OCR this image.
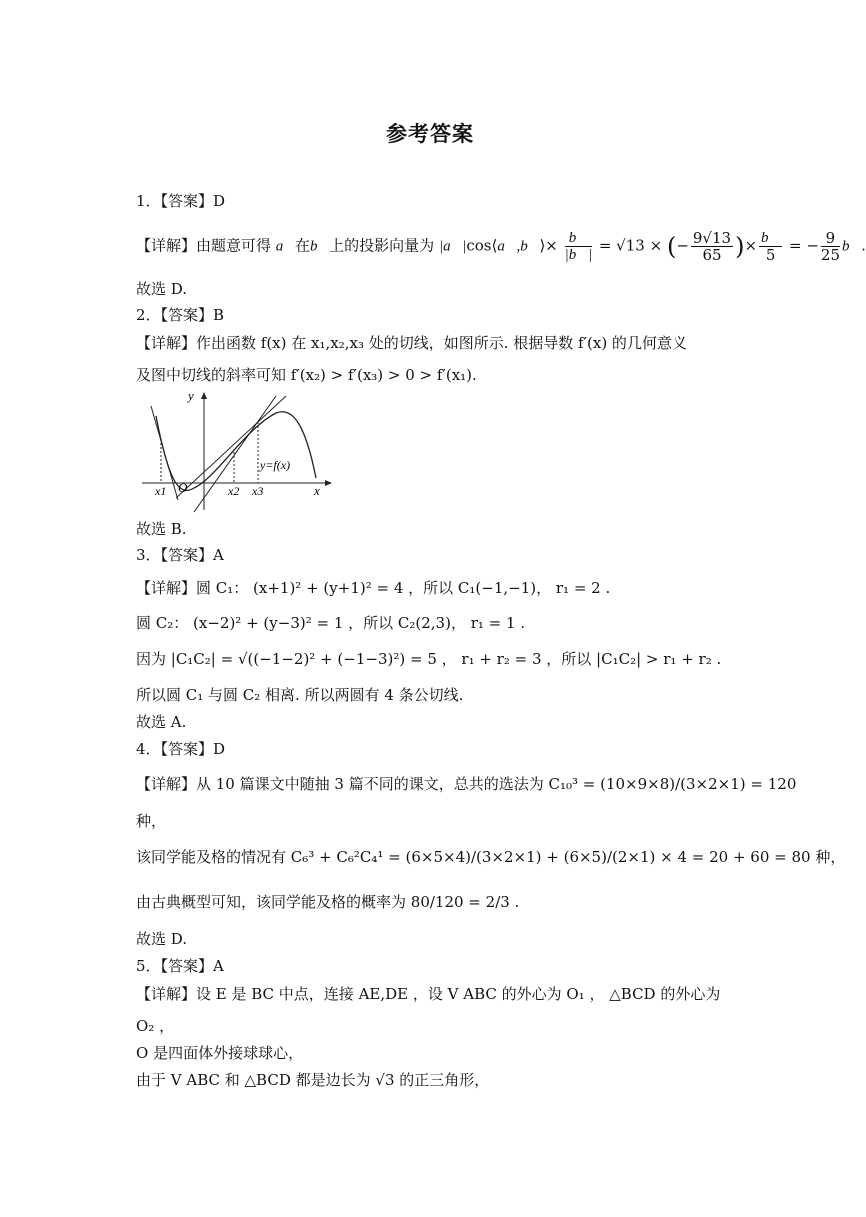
参考答案
1．【答案】D
【详解】由题意可得 a⃗在b⃗上的投影向量为 |a⃗|cos⟨a⃗,b⃗⟩× $\frac{b⃗}{|b⃗|} = √13$ × (− $\frac{9√13}{65}$ )× $\frac{b⃗}{5}$ = − $\frac{9}{25}$ b⃗.
故选 D.
2．【答案】B
【详解】作出函数 f(x) 在 x₁,x₂,x₃ 处的切线，如图所示. 根据导数 f′(x) 的几何意义
及图中切线的斜率可知 f′(x₂) > f′(x₃) > 0 > f′(x₁).
y
x
O
y=f(x)
x1	x2 x3
故选 B.
3．【答案】A
【详解】圆 C₁： (x+1)² + (y+1)² = 4 ，所以 C₁(−1,−1)， r₁ = 2 .
圆 C₂： (x−2)² + (y−3)² = 1 ，所以 C₂(2,3)， r₁ = 1 .
因为 |C₁C₂| = √((−1−2)² + (−1−3)²) = 5 ， r₁ + r₂ = 3 ，所以 |C₁C₂| > r₁ + r₂ .
所以圆 C₁ 与圆 C₂ 相离. 所以两圆有 4 条公切线.
故选 A.
4．【答案】D
【详解】从 10 篇课文中随抽 3 篇不同的课文，总共的选法为 C₁₀³ = (10×9×8)/(3×2×1) = 120
种，
该同学能及格的情况有 C₆³ + C₆²C₄¹ = (6×5×4)/(3×2×1) + (6×5)/(2×1) × 4 = 20 + 60 = 80 种，
由古典概型可知，该同学能及格的概率为 80/120 = 2/3 .
故选 D.
5．【答案】A
【详解】设 E 是 BC 中点，连接 AE,DE ，设 V ABC 的外心为 O₁ ， △BCD 的外心为
O₂ ，
O 是四面体外接球球心，
由于 V ABC 和 △BCD 都是边长为 √3 的正三角形，
